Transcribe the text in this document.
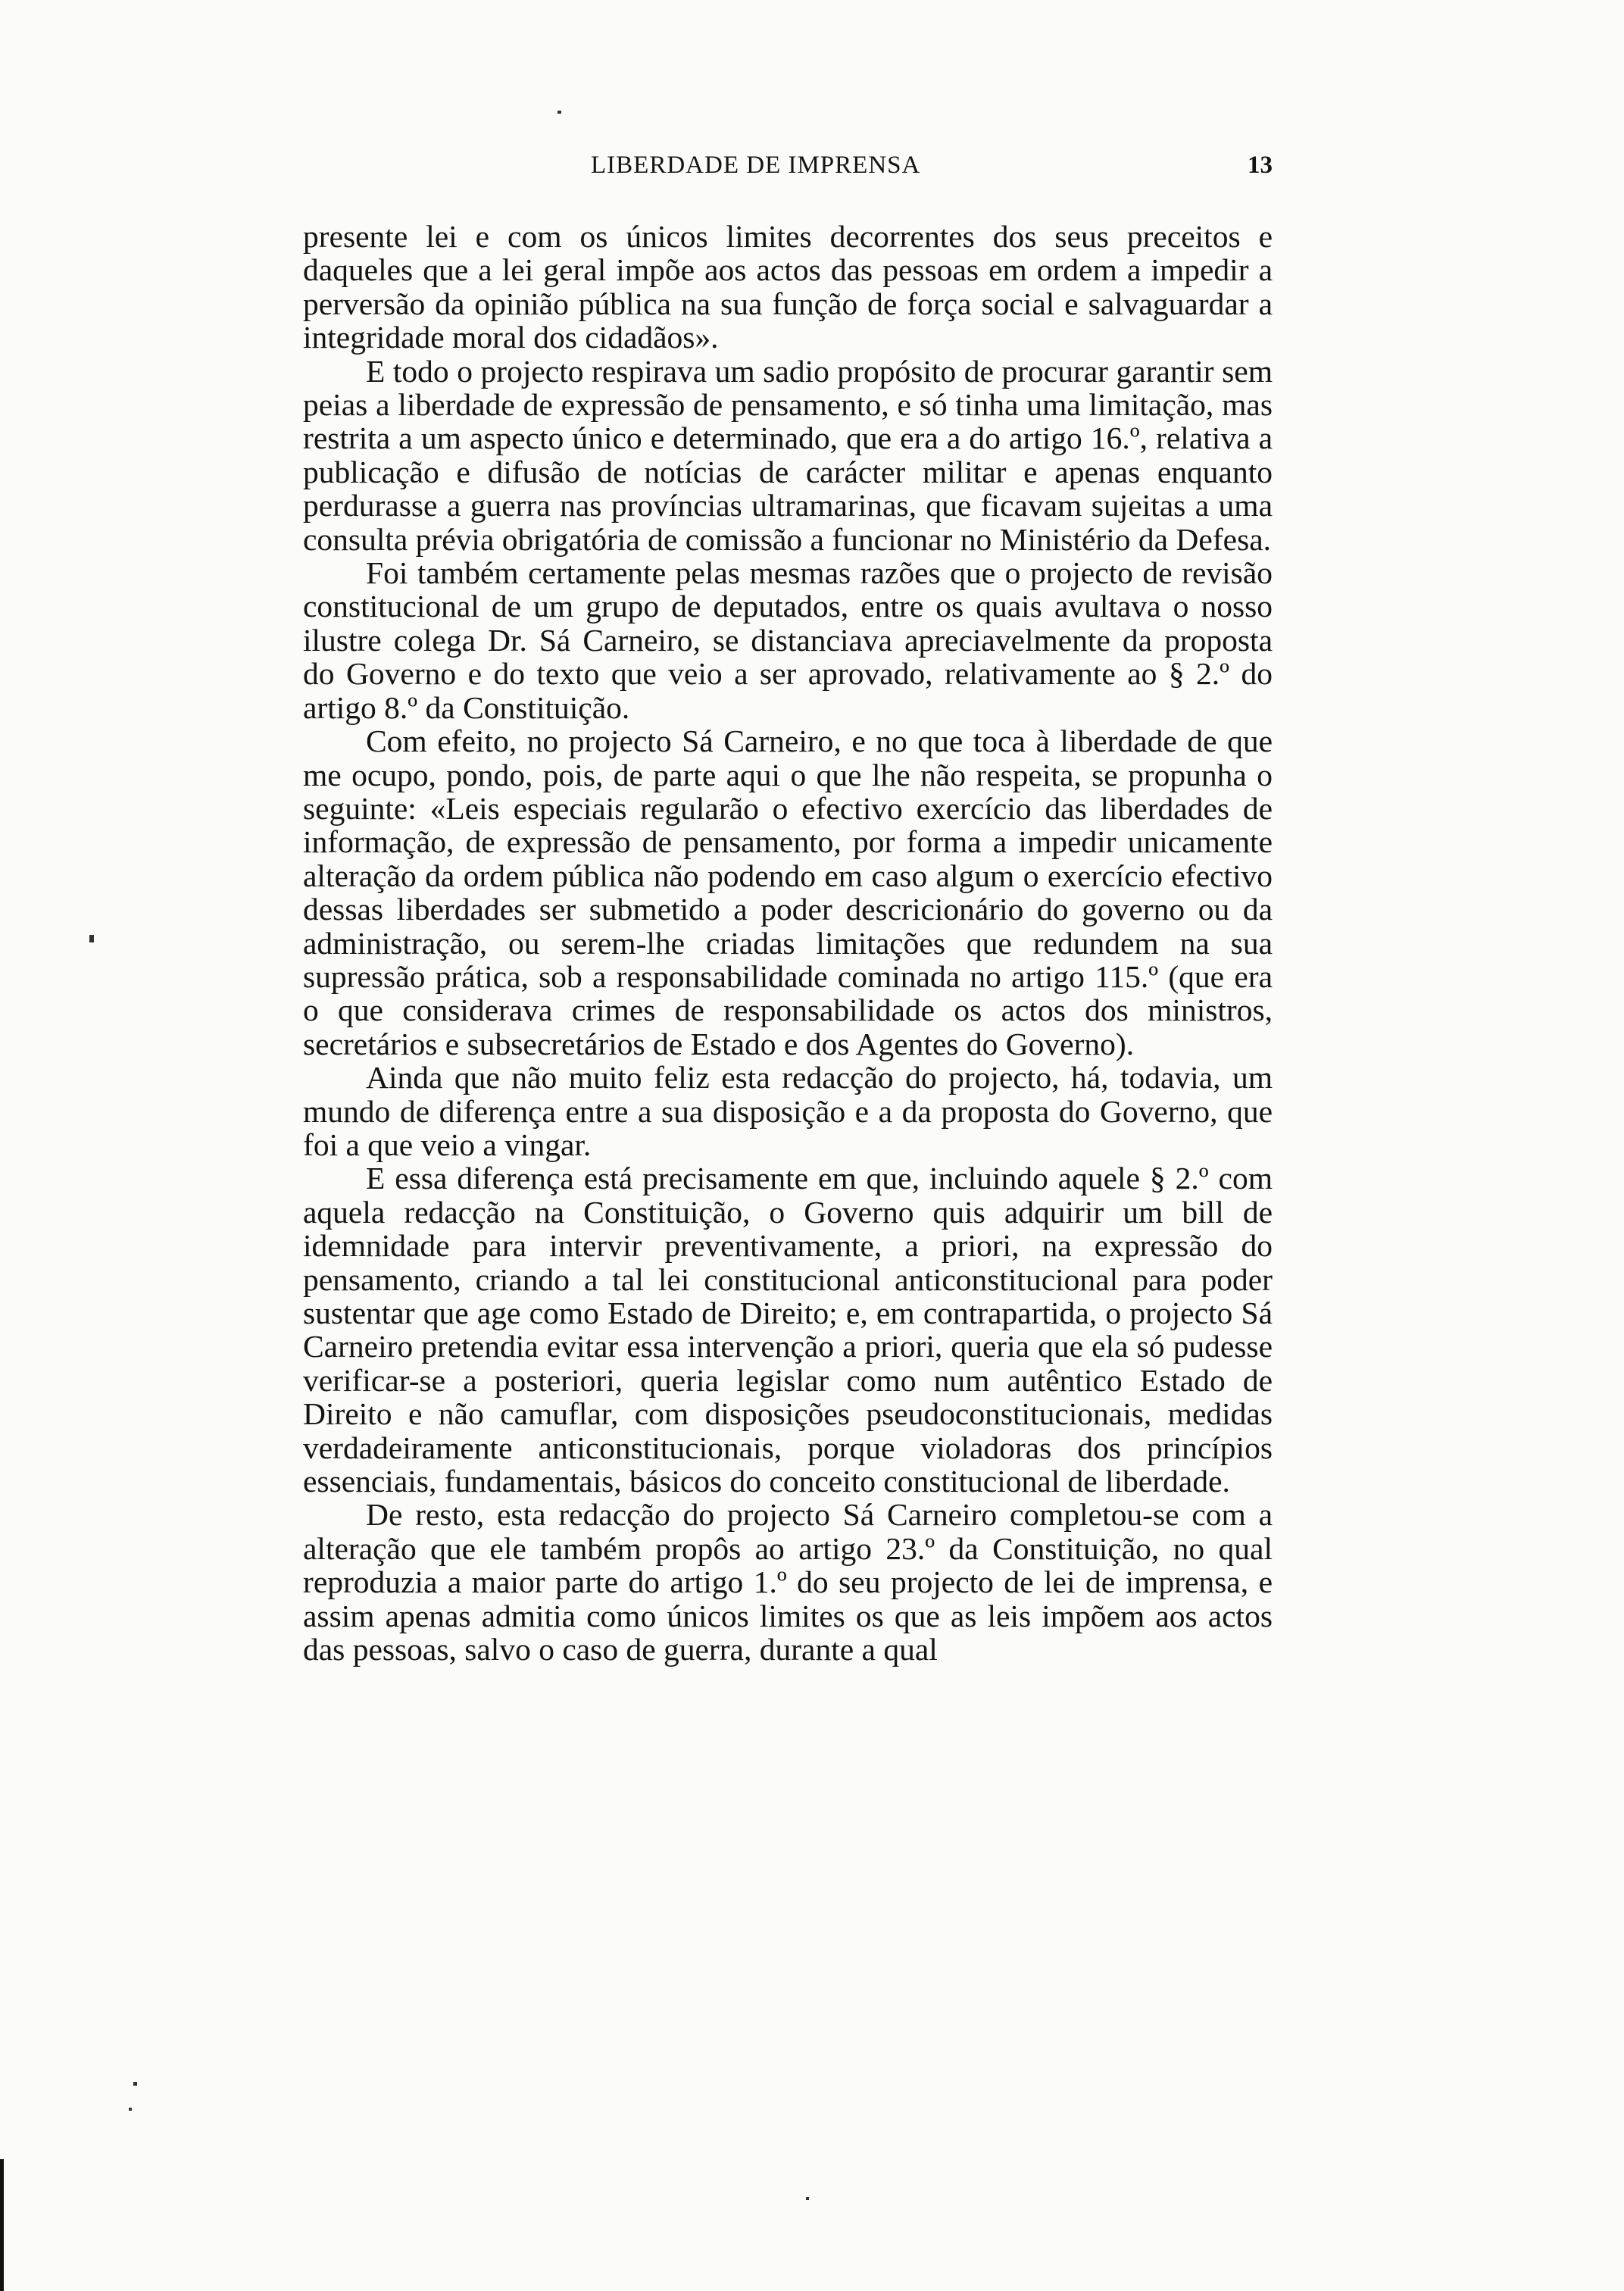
LIBERDADE DE IMPRENSA	13

presente lei e com os únicos limites decorrentes dos seus preceitos e daqueles que a lei geral impõe aos actos das pessoas em ordem a impedir a perversão da opinião pública na sua função de força social e salvaguardar a integridade moral dos cidadãos».

E todo o projecto respirava um sadio propósito de procurar garantir sem peias a liberdade de expressão de pensamento, e só tinha uma limitação, mas restrita a um aspecto único e determinado, que era a do artigo 16.º, relativa a publicação e difusão de notícias de carácter militar e apenas enquanto perdurasse a guerra nas províncias ultramarinas, que ficavam sujeitas a uma consulta prévia obrigatória de comissão a funcionar no Ministério da Defesa.

Foi também certamente pelas mesmas razões que o projecto de revisão constitucional de um grupo de deputados, entre os quais avultava o nosso ilustre colega Dr. Sá Carneiro, se distanciava apreciavelmente da proposta do Governo e do texto que veio a ser aprovado, relativamente ao § 2.º do artigo 8.º da Constituição.

Com efeito, no projecto Sá Carneiro, e no que toca à liberdade de que me ocupo, pondo, pois, de parte aqui o que lhe não respeita, se propunha o seguinte: «Leis especiais regularão o efectivo exercício das liberdades de informação, de expressão de pensamento, por forma a impedir unicamente alteração da ordem pública não podendo em caso algum o exercício efectivo dessas liberdades ser submetido a poder descricionário do governo ou da administração, ou serem-lhe criadas limitações que redundem na sua supressão prática, sob a responsabilidade cominada no artigo 115.º (que era o que considerava crimes de responsabilidade os actos dos ministros, secretários e subsecretários de Estado e dos Agentes do Governo).

Ainda que não muito feliz esta redacção do projecto, há, todavia, um mundo de diferença entre a sua disposição e a da proposta do Governo, que foi a que veio a vingar.

E essa diferença está precisamente em que, incluindo aquele § 2.º com aquela redacção na Constituição, o Governo quis adquirir um bill de idemnidade para intervir preventivamente, a priori, na expressão do pensamento, criando a tal lei constitucional anticonstitucional para poder sustentar que age como Estado de Direito; e, em contrapartida, o projecto Sá Carneiro pretendia evitar essa intervenção a priori, queria que ela só pudesse verificar-se a posteriori, queria legislar como num autêntico Estado de Direito e não camuflar, com disposições pseudoconstitucionais, medidas verdadeiramente anticonstitucionais, porque violadoras dos princípios essenciais, fundamentais, básicos do conceito constitucional de liberdade.

De resto, esta redacção do projecto Sá Carneiro completou-se com a alteração que ele também propôs ao artigo 23.º da Constituição, no qual reproduzia a maior parte do artigo 1.º do seu projecto de lei de imprensa, e assim apenas admitia como únicos limites os que as leis impõem aos actos das pessoas, salvo o caso de guerra, durante a qual
